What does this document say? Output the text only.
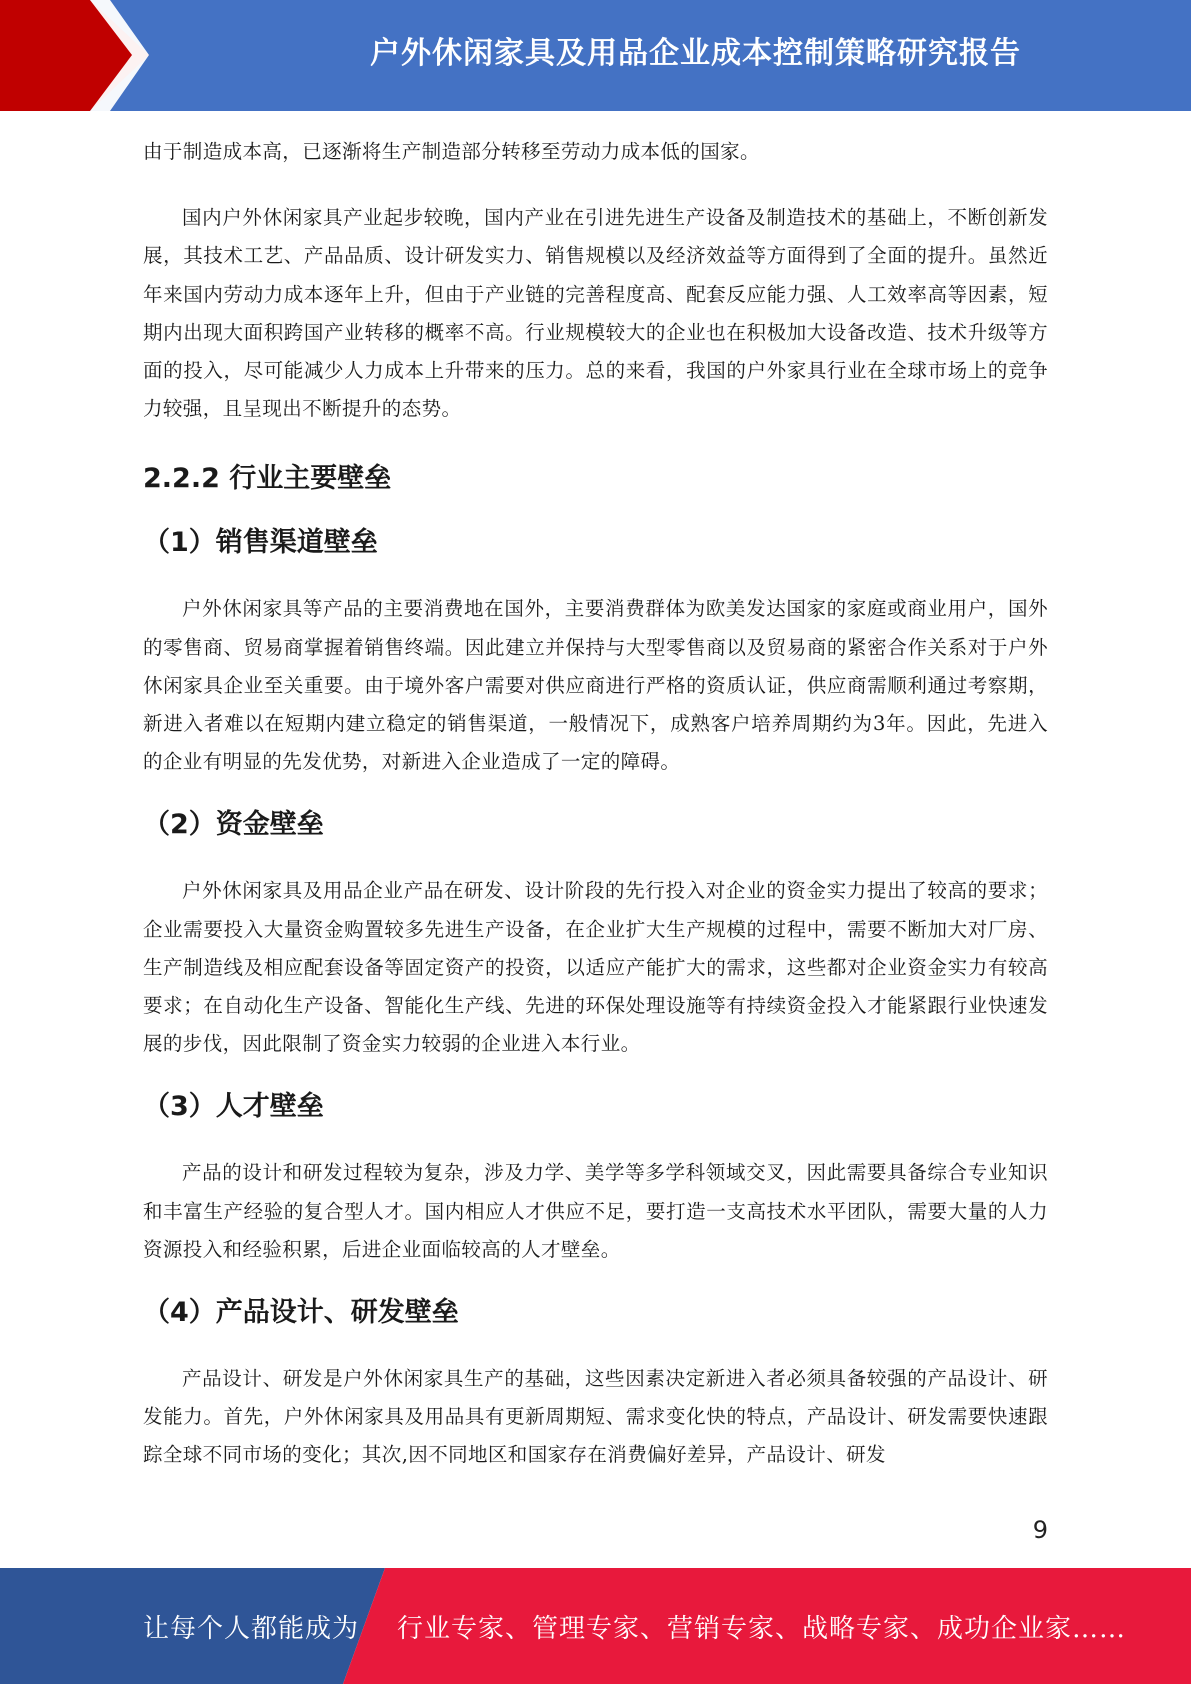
户外休闲家具及用品企业成本控制策略研究报告

由于制造成本高，已逐渐将生产制造部分转移至劳动力成本低的国家。

国内户外休闲家具产业起步较晚，国内产业在引进先进生产设备及制造技术的基础上，不断创新发展，其技术工艺、产品品质、设计研发实力、销售规模以及经济效益等方面得到了全面的提升。虽然近年来国内劳动力成本逐年上升，但由于产业链的完善程度高、配套反应能力强、人工效率高等因素，短期内出现大面积跨国产业转移的概率不高。行业规模较大的企业也在积极加大设备改造、技术升级等方面的投入，尽可能减少人力成本上升带来的压力。总的来看，我国的户外家具行业在全球市场上的竞争力较强，且呈现出不断提升的态势。

2.2.2 行业主要壁垒
（1）销售渠道壁垒

户外休闲家具等产品的主要消费地在国外，主要消费群体为欧美发达国家的家庭或商业用户，国外的零售商、贸易商掌握着销售终端。因此建立并保持与大型零售商以及贸易商的紧密合作关系对于户外休闲家具企业至关重要。由于境外客户需要对供应商进行严格的资质认证，供应商需顺利通过考察期，新进入者难以在短期内建立稳定的销售渠道，一般情况下，成熟客户培养周期约为3年。因此，先进入的企业有明显的先发优势，对新进入企业造成了一定的障碍。

（2）资金壁垒

户外休闲家具及用品企业产品在研发、设计阶段的先行投入对企业的资金实力提出了较高的要求；企业需要投入大量资金购置较多先进生产设备，在企业扩大生产规模的过程中，需要不断加大对厂房、生产制造线及相应配套设备等固定资产的投资，以适应产能扩大的需求，这些都对企业资金实力有较高要求；在自动化生产设备、智能化生产线、先进的环保处理设施等有持续资金投入才能紧跟行业快速发展的步伐，因此限制了资金实力较弱的企业进入本行业。

（3）人才壁垒

产品的设计和研发过程较为复杂，涉及力学、美学等多学科领域交叉，因此需要具备综合专业知识和丰富生产经验的复合型人才。国内相应人才供应不足，要打造一支高技术水平团队，需要大量的人力资源投入和经验积累，后进企业面临较高的人才壁垒。

（4）产品设计、研发壁垒

产品设计、研发是户外休闲家具生产的基础，这些因素决定新进入者必须具备较强的产品设计、研发能力。首先，户外休闲家具及用品具有更新周期短、需求变化快的特点，产品设计、研发需要快速跟踪全球不同市场的变化；其次,因不同地区和国家存在消费偏好差异，产品设计、研发

9
让每个人都能成为 行业专家、管理专家、营销专家、战略专家、成功企业家……
